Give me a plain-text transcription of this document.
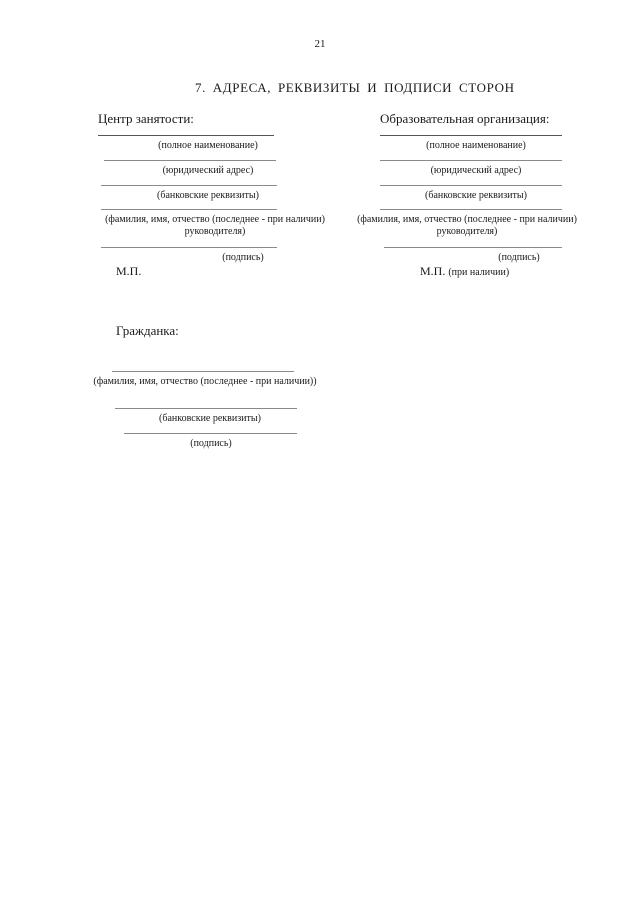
21
7. АДРЕСА, РЕКВИЗИТЫ И ПОДПИСИ СТОРОН
Центр занятости:
(полное наименование)
(юридический адрес)
(банковские реквизиты)
(фамилия, имя, отчество (последнее - при наличии) руководителя)
(подпись)
М.П.
Образовательная организация:
(полное наименование)
(юридический адрес)
(банковские реквизиты)
(фамилия, имя, отчество (последнее - при наличии) руководителя)
(подпись)
М.П. (при наличии)
Гражданка:
(фамилия, имя, отчество (последнее - при наличии))
(банковские реквизиты)
(подпись)
